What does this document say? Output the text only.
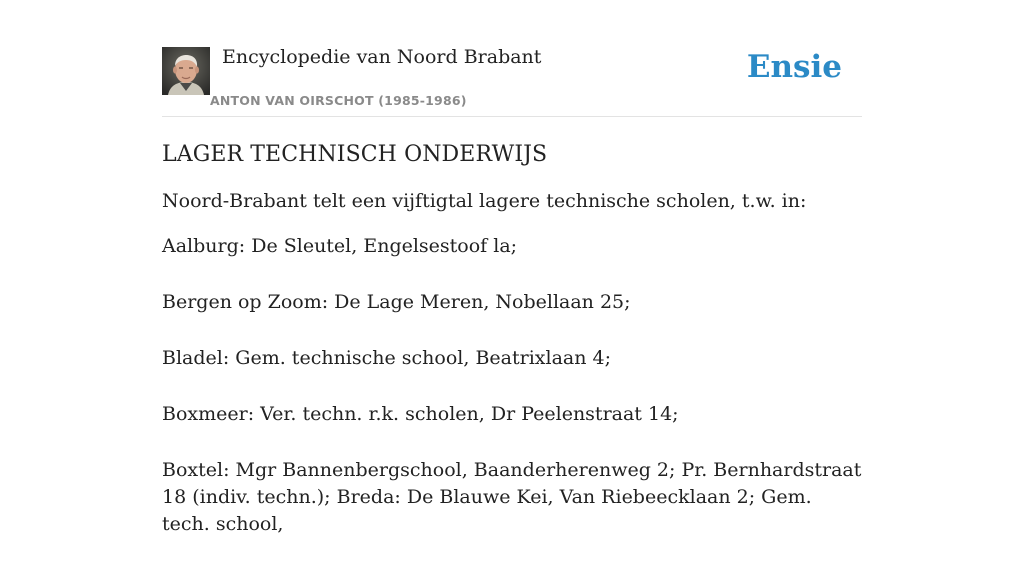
Encyclopedie van Noord Brabant
ANTON VAN OIRSCHOT (1985-1986)
Ensie
LAGER TECHNISCH ONDERWIJS

Noord-Brabant telt een vijftigtal lagere technische scholen, t.w. in:

Aalburg: De Sleutel, Engelsestoof la;

Bergen op Zoom: De Lage Meren, Nobellaan 25;

Bladel: Gem. technische school, Beatrixlaan 4;

Boxmeer: Ver. techn. r.k. scholen, Dr Peelenstraat 14;

Boxtel: Mgr Bannenbergschool, Baanderherenweg 2; Pr. Bernhardstraat 18 (indiv. techn.); Breda: De Blauwe Kei, Van Riebeecklaan 2; Gem. tech. school,
